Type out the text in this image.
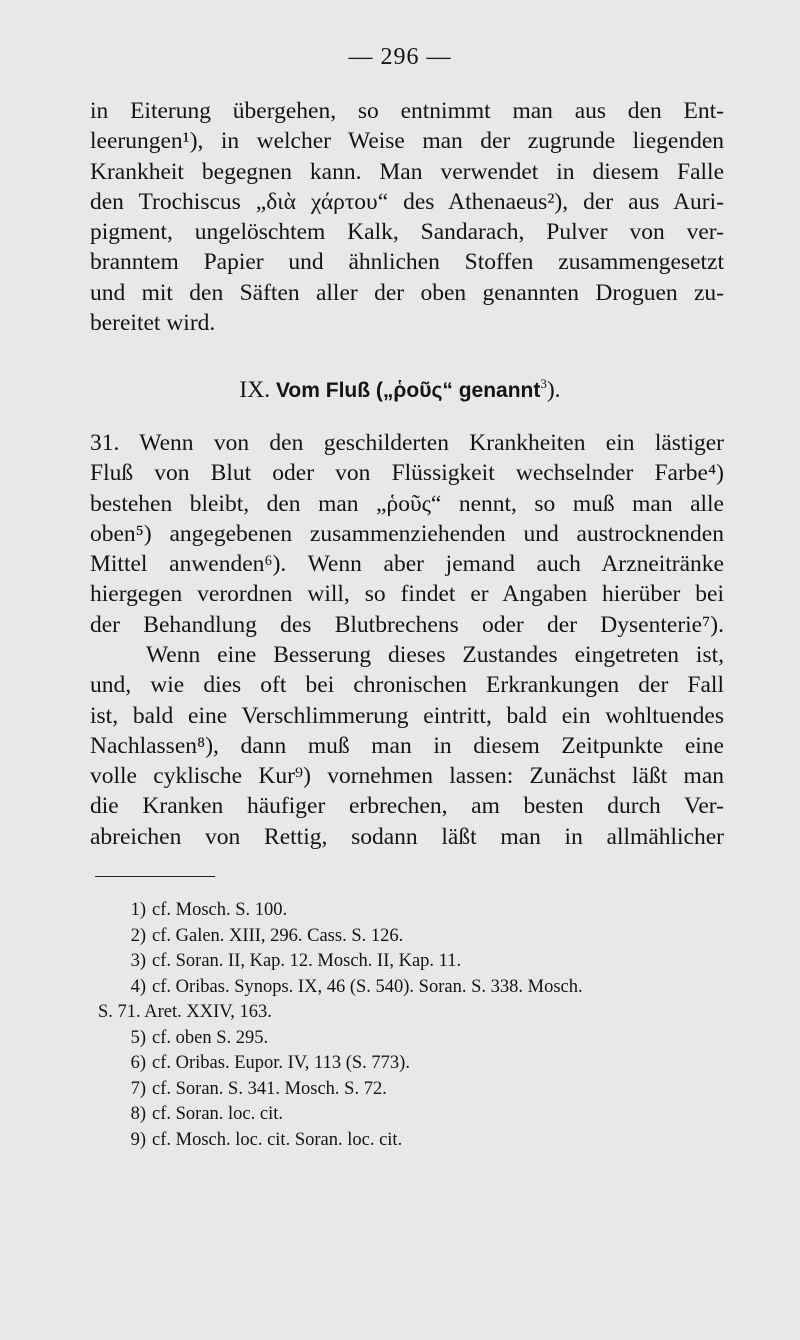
— 296 —
in Eiterung übergehen, so entnimmt man aus den Ent-
leerungen¹), in welcher Weise man der zugrunde liegenden
Krankheit begegnen kann. Man verwendet in diesem Falle
den Trochiscus „διὰ χάρτου“ des Athenaeus²), der aus Auri-
pigment, ungelöschtem Kalk, Sandarach, Pulver von ver-
branntem Papier und ähnlichen Stoffen zusammengesetzt
und mit den Säften aller der oben genannten Droguen zu-
bereitet wird.
IX. Vom Fluß („ῥοῦς“ genannt$^3$).
31. Wenn von den geschilderten Krankheiten ein lästiger
Fluß von Blut oder von Flüssigkeit wechselnder Farbe⁴)
bestehen bleibt, den man „ῥοῦς“ nennt, so muß man alle
oben⁵) angegebenen zusammenziehenden und austrocknenden
Mittel anwenden⁶). Wenn aber jemand auch Arzneitränke
hiergegen verordnen will, so findet er Angaben hierüber bei
der Behandlung des Blutbrechens oder der Dysenterie⁷).
Wenn eine Besserung dieses Zustandes eingetreten ist,
und, wie dies oft bei chronischen Erkrankungen der Fall
ist, bald eine Verschlimmerung eintritt, bald ein wohltuendes
Nachlassen⁸), dann muß man in diesem Zeitpunkte eine
volle cyklische Kur⁹) vornehmen lassen: Zunächst läßt man
die Kranken häufiger erbrechen, am besten durch Ver-
abreichen von Rettig, sodann läßt man in allmählicher
1) cf. Mosch. S. 100.
2) cf. Galen. XIII, 296. Cass. S. 126.
3) cf. Soran. II, Kap. 12. Mosch. II, Kap. 11.
4) cf. Oribas. Synops. IX, 46 (S. 540). Soran. S. 338. Mosch.
S. 71. Aret. XXIV, 163.
5) cf. oben S. 295.
6) cf. Oribas. Eupor. IV, 113 (S. 773).
7) cf. Soran. S. 341. Mosch. S. 72.
8) cf. Soran. loc. cit.
9) cf. Mosch. loc. cit. Soran. loc. cit.
